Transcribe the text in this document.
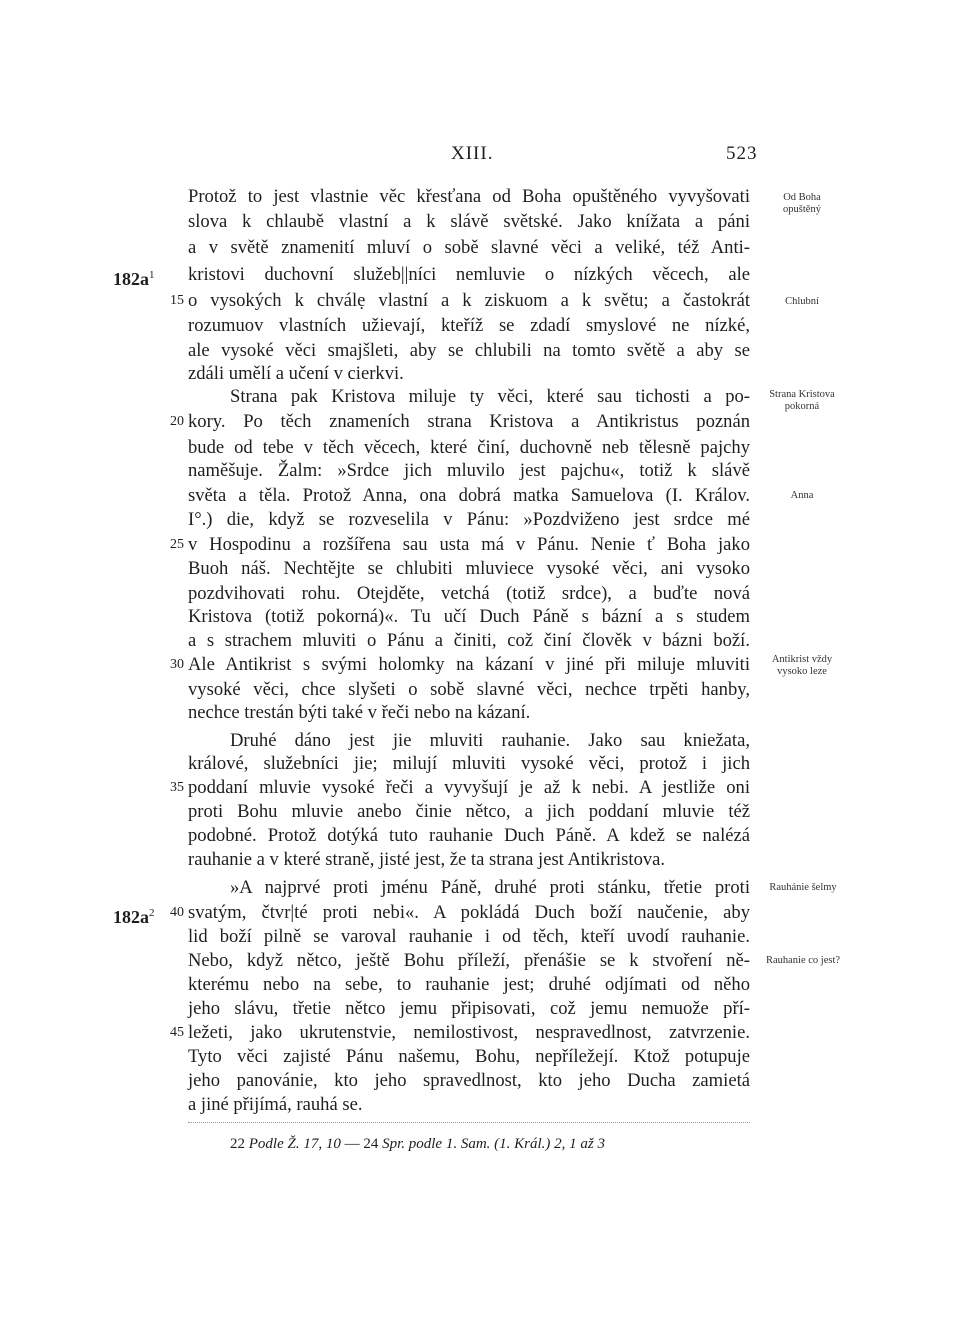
XIII.	523
$182a^1$
$182a^2$
15
20
25
30
35
40
45
Protož to jest vlastnie věc křesťana od Boha opuštěného vyvyšovati
slova k chlaubě vlastní a k slávě světské. Jako knížata a páni
a v světě znamenití mluví o sobě slavné věci a veliké, též Anti-
kristovi duchovní služeb||níci nemluvie o nízkých věcech, ale
o vysokých k chválẹ vlastní a k ziskuom a k světu; a častokrát
rozumuov vlastních užievají, kteříž se zdadí smyslové ne nízké,
ale vysoké věci smajšleti, aby se chlubili na tomto světě a aby se
zdáli umělí a učení v cierkvi.
Strana pak Kristova miluje ty věci, které sau tichosti a po-
kory. Po těch znameních strana Kristova a Antikristus poznán
bude od tebe v těch věcech, které činí, duchovně neb tělesně pajchy
naměšuje. Žalm: »Srdce jich mluvilo jest pajchu«, totiž k slávě
světa a těla. Protož Anna, ona dobrá matka Samuelova (I. Králov.
I°.) die, když se rozveselila v Pánu: »Pozdviženo jest srdce mé
v Hospodinu a rozšířena sau usta má v Pánu. Nenie ť Boha jako
Buoh náš. Nechtějte se chlubiti mluviece vysoké věci, ani vysoko
pozdvihovati rohu. Otejděte, vetchá (totiž srdce), a buďte nová
Kristova (totiž pokorná)«. Tu učí Duch Páně s bázní a s studem
a s strachem mluviti o Pánu a činiti, což činí člověk v bázni boží.
Ale Antikrist s svými holomky na kázaní v jiné při miluje mluviti
vysoké věci, chce slyšeti o sobě slavné věci, nechce trpěti hanby,
nechce trestán býti také v řeči nebo na kázaní.
Druhé dáno jest jie mluviti rauhanie. Jako sau kniežata,
králové, služebníci jie; milují mluviti vysoké věci, protož i jich
poddaní mluvie vysoké řeči a vyvyšují je až k nebi. A jestliže oni
proti Bohu mluvie anebo činie nětco, a jich poddaní mluvie též
podobné. Protož dotýká tuto rauhanie Duch Páně. A kdež se nalézá
rauhanie a v které straně, jisté jest, že ta strana jest Antikristova.
»A najprvé proti jménu Páně, druhé proti stánku, třetie proti
svatým, čtvr|té proti nebi«. A pokládá Duch boží naučenie, aby
lid boží pilně se varoval rauhanie i od těch, kteří uvodí rauhanie.
Nebo, když nětco, ještě Bohu příleží, přenášie se k stvoření ně-
kterému nebo na sebe, to rauhanie jest; druhé odjímati od něho
jeho slávu, třetie nětco jemu připisovati, což jemu nemuože pří-
ležeti, jako ukrutenstvie, nemilostivost, nespravedlnost, zatvrzenie.
Tyto věci zajisté Pánu našemu, Bohu, nepříležejí. Ktož potupuje
jeho panovánie, kto jeho spravedlnost, kto jeho Ducha zamietá
a jiné přijímá, rauhá se.
Od Boha
opuštěný
Chlubní
Strana Kristova
pokorná
Anna
Antikrist vždy
vysoko leze
Rauhánie šelmy
Rauhanie co jest?
22 Podle Ž. 17, 10 — 24 Spr. podle 1. Sam. (1. Král.) 2, 1 až 3
